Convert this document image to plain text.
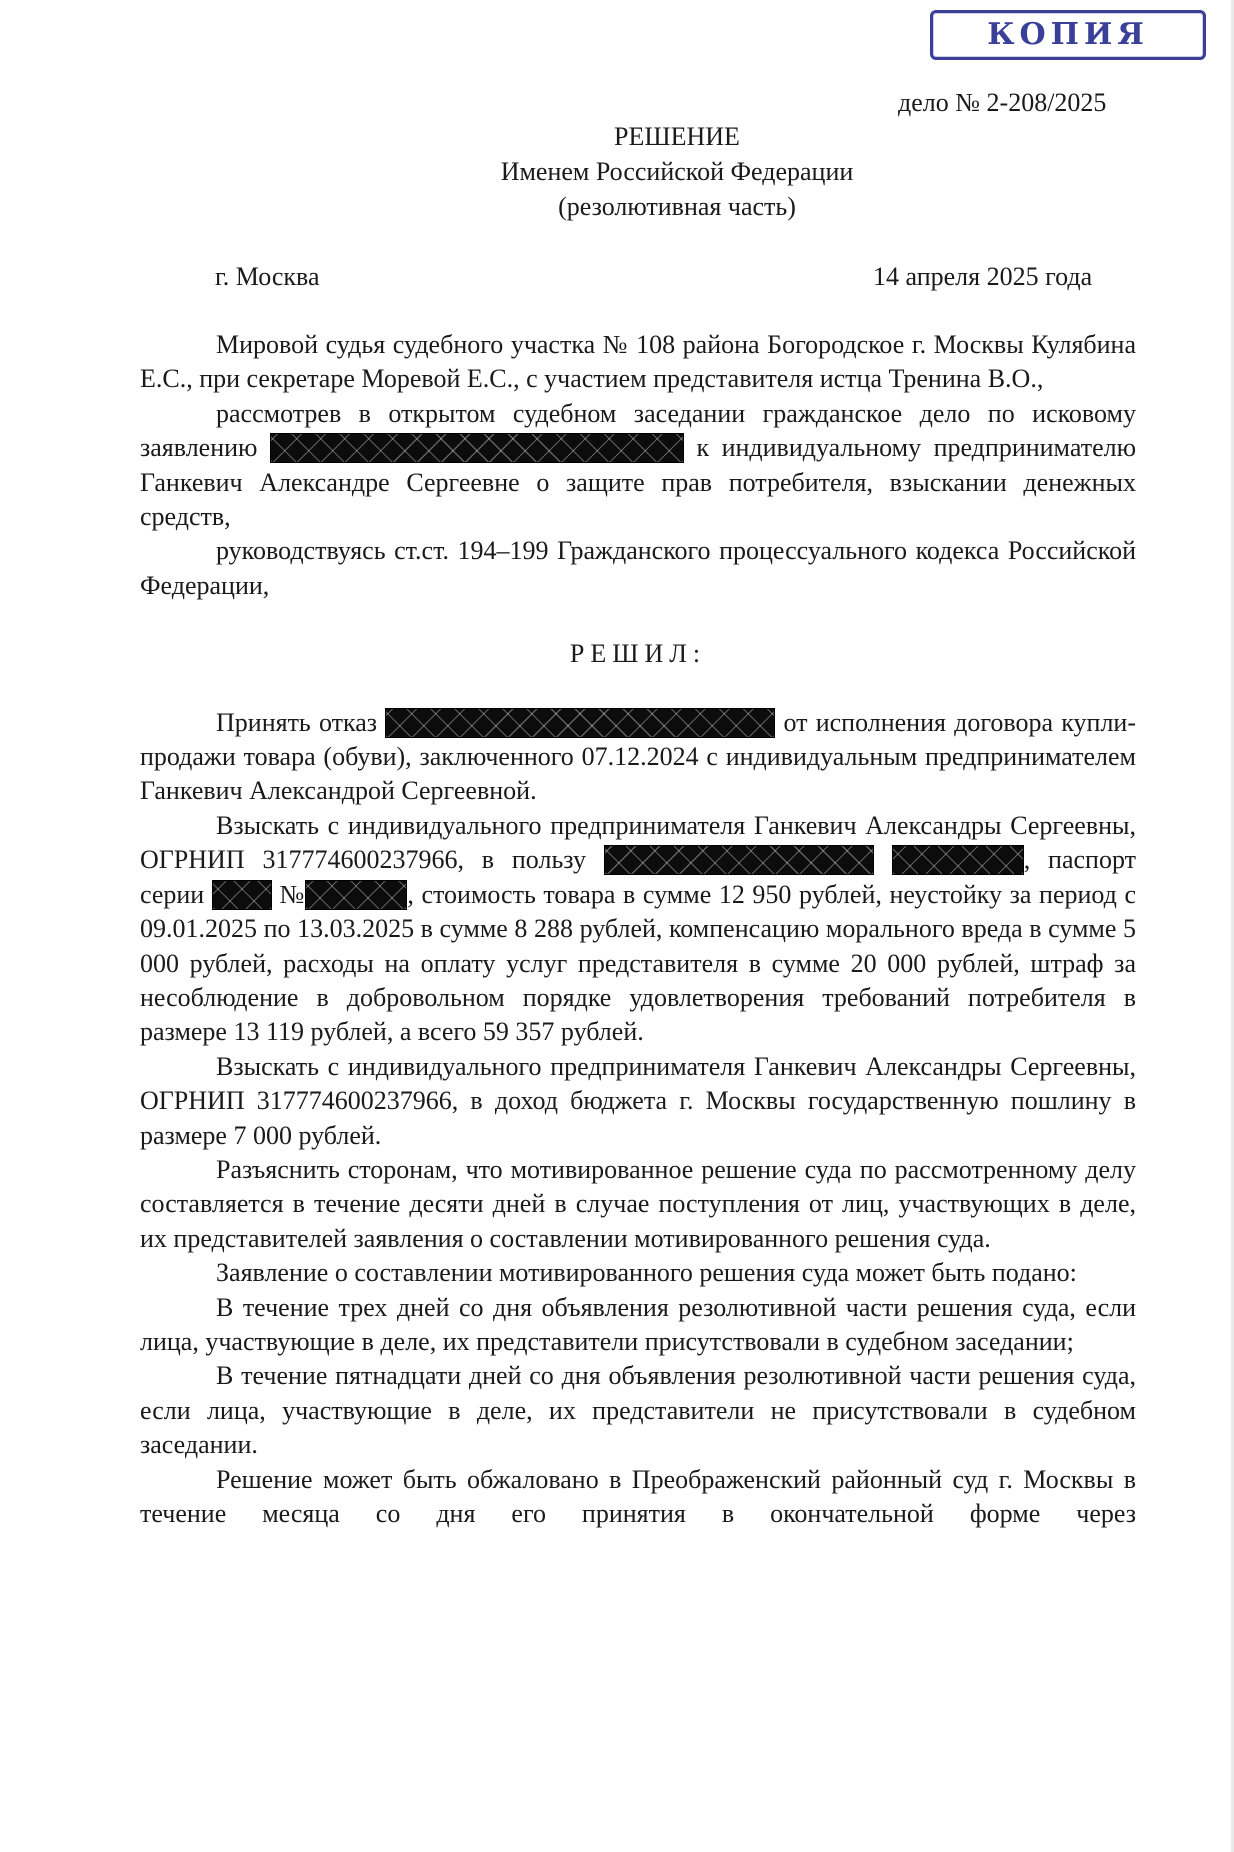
КОПИЯ
дело № 2-208/2025
РЕШЕНИЕ
Именем Российской Федерации
(резолютивная часть)
г. Москва	14 апреля 2025 года

Мировой судья судебного участка № 108 района Богородское г. Москвы Кулябина Е.С., при секретаре Моревой Е.С., с участием представителя истца Тренина В.О.,

рассмотрев в открытом судебном заседании гражданское дело по исковому заявлению	к индивидуальному предпринимателю Ганкевич Александре Сергеевне о защите прав потребителя, взыскании денежных средств,

руководствуясь ст.ст. 194–199 Гражданского процессуального кодекса Российской Федерации,

РЕШИЛ:

Принять отказ	от исполнения договора купли-продажи товара (обуви), заключенного 07.12.2024 с индивидуальным предпринимателем Ганкевич Александрой Сергеевной.

Взыскать с индивидуального предпринимателя Ганкевич Александры Сергеевны, ОГРНИП 317774600237966, в пользу	, паспорт серии	№	, стоимость товара в сумме 12 950 рублей, неустойку за период с 09.01.2025 по 13.03.2025 в сумме 8 288 рублей, компенсацию морального вреда в сумме 5 000 рублей, расходы на оплату услуг представителя в сумме 20 000 рублей, штраф за несоблюдение в добровольном порядке удовлетворения требований потребителя в размере 13 119 рублей, а всего 59 357 рублей.

Взыскать с индивидуального предпринимателя Ганкевич Александры Сергеевны, ОГРНИП 317774600237966, в доход бюджета г. Москвы государственную пошлину в размере 7 000 рублей.

Разъяснить сторонам, что мотивированное решение суда по рассмотренному делу составляется в течение десяти дней в случае поступления от лиц, участвующих в деле, их представителей заявления о составлении мотивированного решения суда.

Заявление о составлении мотивированного решения суда может быть подано:

В течение трех дней со дня объявления резолютивной части решения суда, если лица, участвующие в деле, их представители присутствовали в судебном заседании;

В течение пятнадцати дней со дня объявления резолютивной части решения суда, если лица, участвующие в деле, их представители не присутствовали в судебном заседании.

Решение может быть обжаловано в Преображенский районный суд г. Москвы в течение месяца со дня его принятия в окончательной форме через
